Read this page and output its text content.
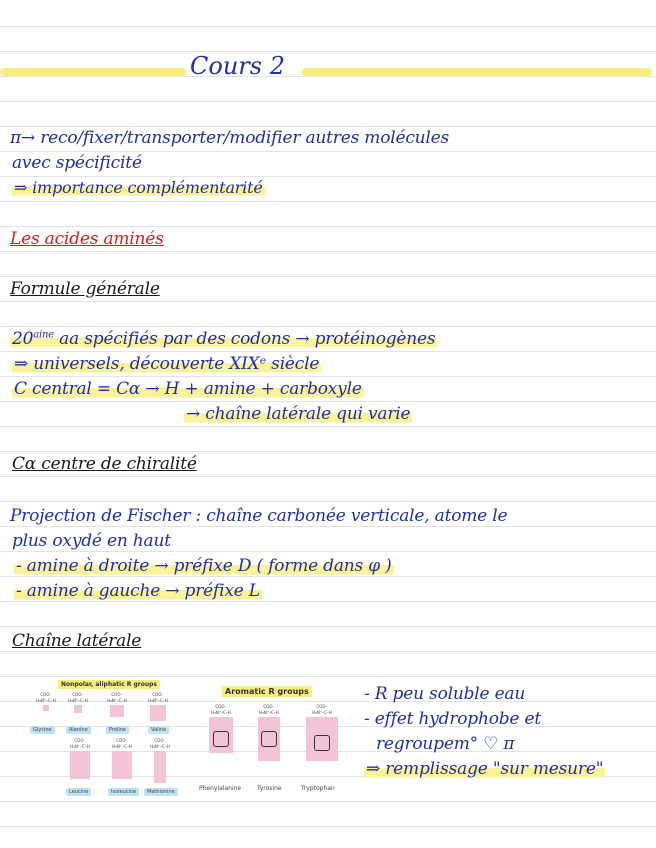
Cours 2
π→ reco/fixer/transporter/modifier autres molécules
avec spécificité
⇒ importance complémentarité
Les acides aminés
Formule générale
$20^{aine}$ aa spécifiés par des codons → protéinogènes
⇒ universels, découverte XIXᵉ siècle
C central = Cα → H + amine + carboxyle
→ chaîne latérale qui varie
Cα centre de chiralité
Projection de Fischer : chaîne carbonée verticale, atome le
plus oxydé en haut
- amine à droite → préfixe D ( forme dans φ )
- amine à gauche → préfixe L
Chaîne latérale
Nonpolar, aliphatic R groups
Aromatic R groups
COO⁻
H₃N⁺–C–H
COO⁻
H₃N⁺–C–H
COO⁻
H₃N⁺–C–H
COO⁻
H₃N⁺–C–H
Glycine	Alanine	Proline	Valine
COO⁻
H₃N⁺–C–H
COO⁻
H₃N⁺–C–H
COO⁻
H₃N⁺–C–H
Leucine	Isoleucine	Methionine
COO⁻
H₃N⁺–C–H
COO⁻
H₃N⁺–C–H
COO⁻
H₃N⁺–C–H
Phenylalanine	Tyrosine	Tryptophan
- R peu soluble eau
- effet hydrophobe et
regroupem° ♡ π
⇒ remplissage "sur mesure"
